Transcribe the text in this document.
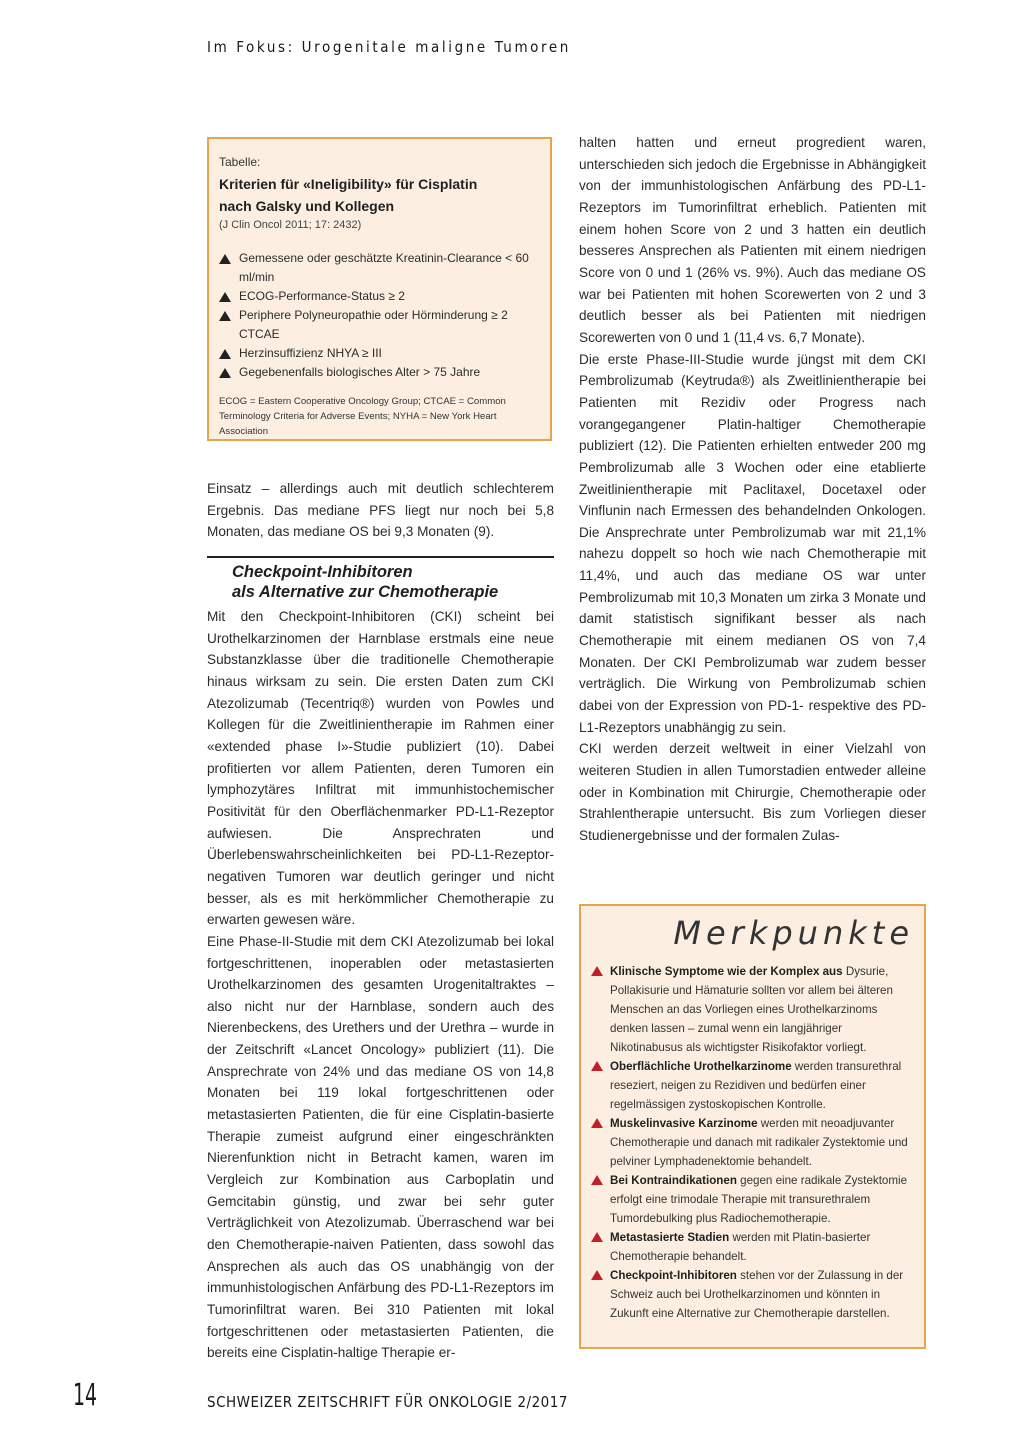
Im Fokus: Urogenitale maligne Tumoren
Tabelle:
Kriterien für «Ineligibility» für Cisplatin
nach Galsky und Kollegen
(J Clin Oncol 2011; 17: 2432)
Gemessene oder geschätzte Kreatinin-Clearance < 60 ml/min
ECOG-Performance-Status ≥ 2
Periphere Polyneuropathie oder Hörminderung ≥ 2 CTCAE
Herzinsuffizienz NHYA ≥ III
Gegebenenfalls biologisches Alter > 75 Jahre
ECOG = Eastern Cooperative Oncology Group; CTCAE = Common Terminology Criteria for Adverse Events; NYHA = New York Heart Association

Einsatz – allerdings auch mit deutlich schlechterem Ergebnis. Das mediane PFS liegt nur noch bei 5,8 Monaten, das mediane OS bei 9,3 Monaten (9).

Checkpoint-Inhibitoren
als Alternative zur Chemotherapie

Mit den Checkpoint-Inhibitoren (CKI) scheint bei Urothelkarzinomen der Harnblase erstmals eine neue Substanzklasse über die traditionelle Chemotherapie hinaus wirksam zu sein. Die ersten Daten zum CKI Atezolizumab (Tecentriq®) wurden von Powles und Kollegen für die Zweitlinientherapie im Rahmen einer «extended phase I»-Studie publiziert (10). Dabei profitierten vor allem Patienten, deren Tumoren ein lymphozytäres Infiltrat mit immunhistochemischer Positivität für den Oberflächenmarker PD-L1-Rezeptor aufwiesen. Die Ansprechraten und Überlebenswahrscheinlichkeiten bei PD-L1-Rezeptor-negativen Tumoren war deutlich geringer und nicht besser, als es mit herkömmlicher Chemotherapie zu erwarten gewesen wäre.

Eine Phase-II-Studie mit dem CKI Atezolizumab bei lokal fortgeschrittenen, inoperablen oder metastasierten Urothelkarzinomen des gesamten Urogenitaltraktes – also nicht nur der Harnblase, sondern auch des Nierenbeckens, des Urethers und der Urethra – wurde in der Zeitschrift «Lancet Oncology» publiziert (11). Die Ansprechrate von 24% und das mediane OS von 14,8 Monaten bei 119 lokal fortgeschrittenen oder metastasierten Patienten, die für eine Cisplatin-basierte Therapie zumeist aufgrund einer eingeschränkten Nierenfunktion nicht in Betracht kamen, waren im Vergleich zur Kombination aus Carboplatin und Gemcitabin günstig, und zwar bei sehr guter Verträglichkeit von Atezolizumab. Überraschend war bei den Chemotherapie-naiven Patienten, dass sowohl das Ansprechen als auch das OS unabhängig von der immunhistologischen Anfärbung des PD-L1-Rezeptors im Tumorinfiltrat waren. Bei 310 Patienten mit lokal fortgeschrittenen oder metastasierten Patienten, die bereits eine Cisplatin-haltige Therapie er-

halten hatten und erneut progredient waren, unterschieden sich jedoch die Ergebnisse in Abhängigkeit von der immunhistologischen Anfärbung des PD-L1-Rezeptors im Tumorinfiltrat erheblich. Patienten mit einem hohen Score von 2 und 3 hatten ein deutlich besseres Ansprechen als Patienten mit einem niedrigen Score von 0 und 1 (26% vs. 9%). Auch das mediane OS war bei Patienten mit hohen Scorewerten von 2 und 3 deutlich besser als bei Patienten mit niedrigen Scorewerten von 0 und 1 (11,4 vs. 6,7 Monate).

Die erste Phase-III-Studie wurde jüngst mit dem CKI Pembrolizumab (Keytruda®) als Zweitlinientherapie bei Patienten mit Rezidiv oder Progress nach vorangegangener Platin-haltiger Chemotherapie publiziert (12). Die Patienten erhielten entweder 200 mg Pembrolizumab alle 3 Wochen oder eine etablierte Zweitlinientherapie mit Paclitaxel, Docetaxel oder Vinflunin nach Ermessen des behandelnden Onkologen. Die Ansprechrate unter Pembrolizumab war mit 21,1% nahezu doppelt so hoch wie nach Chemotherapie mit 11,4%, und auch das mediane OS war unter Pembrolizumab mit 10,3 Monaten um zirka 3 Monate und damit statistisch signifikant besser als nach Chemotherapie mit einem medianen OS von 7,4 Monaten. Der CKI Pembrolizumab war zudem besser verträglich. Die Wirkung von Pembrolizumab schien dabei von der Expression von PD-1- respektive des PD-L1-Rezeptors unabhängig zu sein.

CKI werden derzeit weltweit in einer Vielzahl von weiteren Studien in allen Tumorstadien entweder alleine oder in Kombination mit Chirurgie, Chemotherapie oder Strahlentherapie untersucht. Bis zum Vorliegen dieser Studienergebnisse und der formalen Zulas-

Merkpunkte
Klinische Symptome wie der Komplex aus Dysurie, Pollakisurie und Hämaturie sollten vor allem bei älteren Menschen an das Vorliegen eines Urothelkarzinoms denken lassen – zumal wenn ein langjähriger Nikotinabusus als wichtigster Risikofaktor vorliegt.
Oberflächliche Urothelkarzinome werden transurethral reseziert, neigen zu Rezidiven und bedürfen einer regelmässigen zystoskopischen Kontrolle.
Muskelinvasive Karzinome werden mit neoadjuvanter Chemotherapie und danach mit radikaler Zystektomie und pelviner Lymphadenektomie behandelt.
Bei Kontraindikationen gegen eine radikale Zystektomie erfolgt eine trimodale Therapie mit transurethralem Tumordebulking plus Radiochemotherapie.
Metastasierte Stadien werden mit Platin-basierter Chemotherapie behandelt.
Checkpoint-Inhibitoren stehen vor der Zulassung in der Schweiz auch bei Urothelkarzinomen und könnten in Zukunft eine Alternative zur Chemotherapie darstellen.
14	SCHWEIZER ZEITSCHRIFT FÜR ONKOLOGIE 2/2017
